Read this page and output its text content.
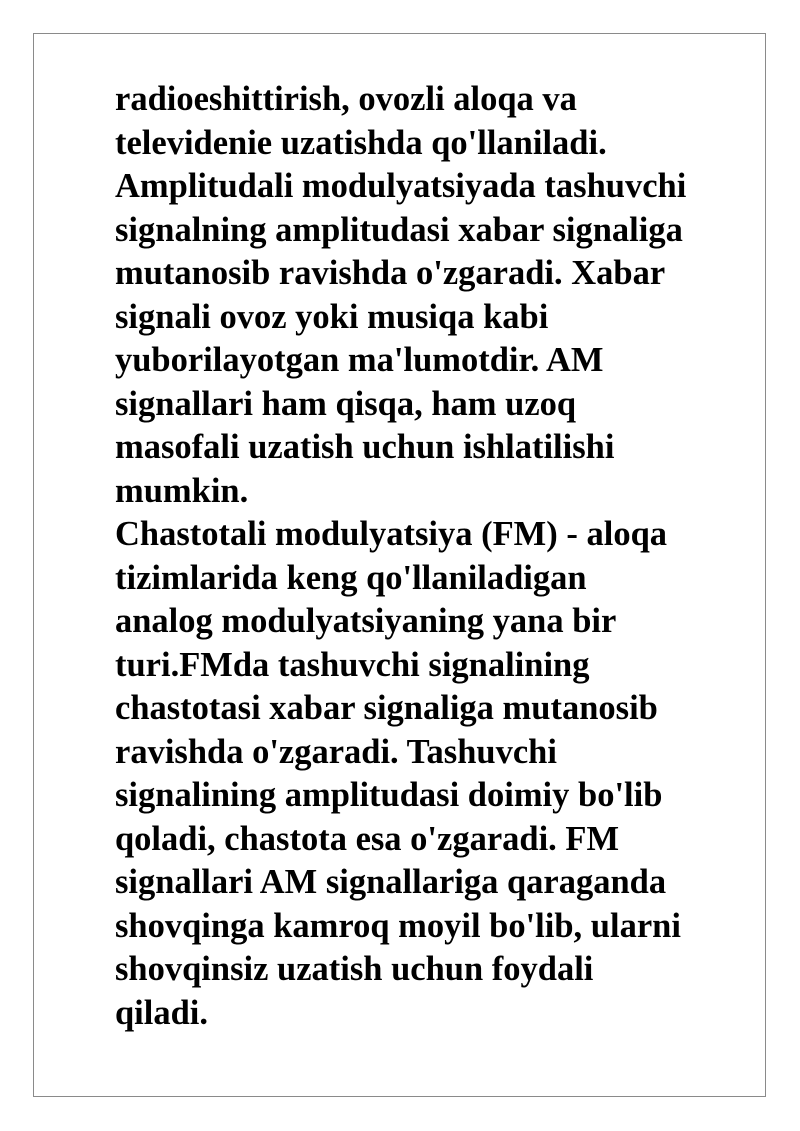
radioeshittirish, ovozli aloqa va
televidenie uzatishda qo'llaniladi.
Amplitudali modulyatsiyada tashuvchi
signalning amplitudasi xabar signaliga
mutanosib ravishda o'zgaradi. Xabar
signali ovoz yoki musiqa kabi
yuborilayotgan ma'lumotdir. AM
signallari ham qisqa, ham uzoq
masofali uzatish uchun ishlatilishi
mumkin.
Chastotali modulyatsiya (FM) - aloqa
tizimlarida keng qo'llaniladigan
analog modulyatsiyaning yana bir
turi.FMda tashuvchi signalining
chastotasi xabar signaliga mutanosib
ravishda o'zgaradi. Tashuvchi
signalining amplitudasi doimiy bo'lib
qoladi, chastota esa o'zgaradi. FM
signallari AM signallariga qaraganda
shovqinga kamroq moyil bo'lib, ularni
shovqinsiz uzatish uchun foydali
qiladi.
